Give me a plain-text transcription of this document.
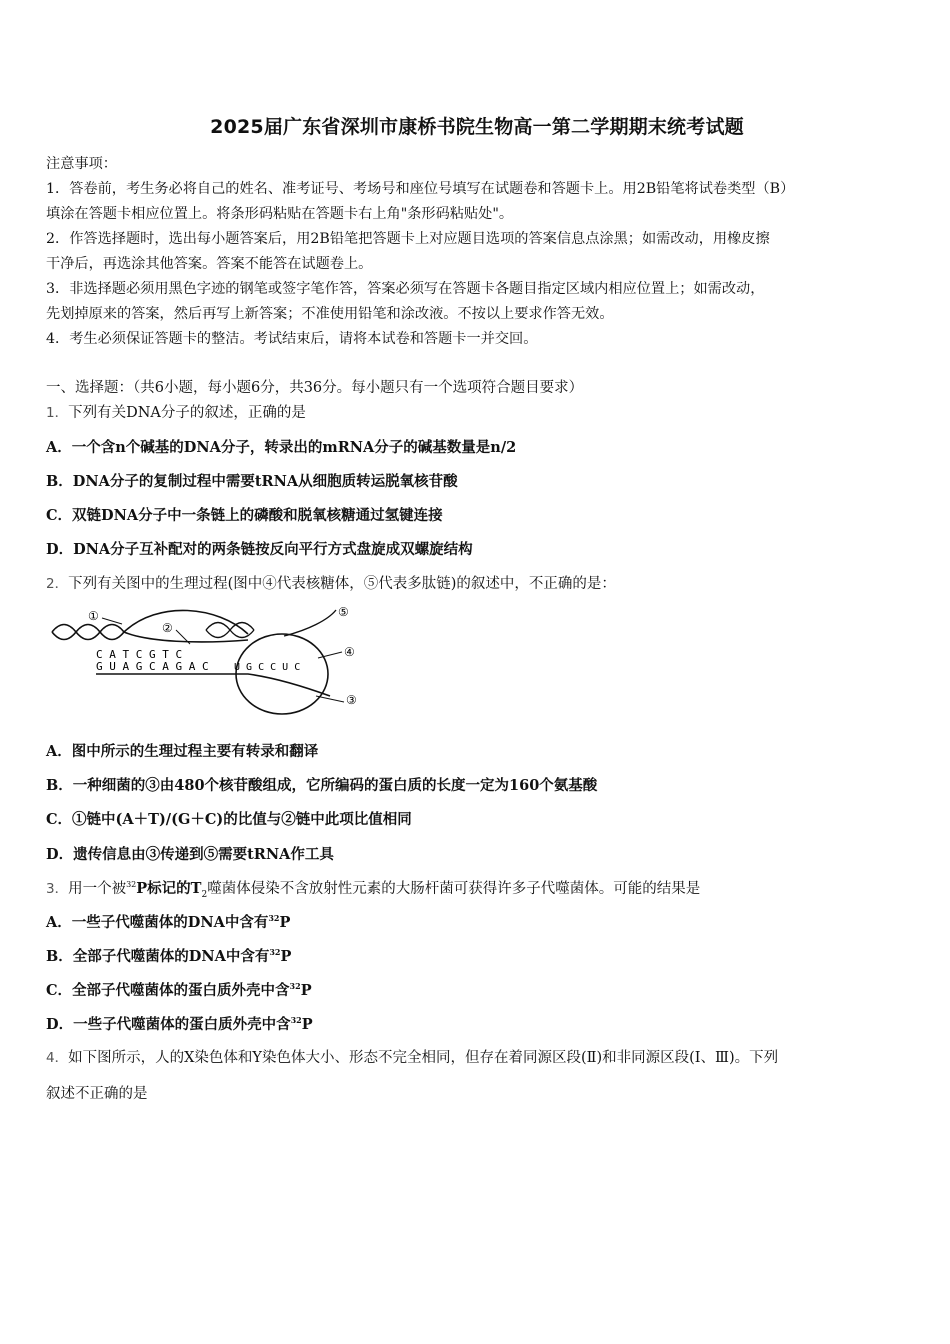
2025届广东省深圳市康桥书院生物高一第二学期期末统考试题

注意事项：

1．答卷前，考生务必将自己的姓名、准考证号、考场号和座位号填写在试题卷和答题卡上。用2B铅笔将试卷类型（B）

填涂在答题卡相应位置上。将条形码粘贴在答题卡右上角"条形码粘贴处"。

2．作答选择题时，选出每小题答案后，用2B铅笔把答题卡上对应题目选项的答案信息点涂黑；如需改动，用橡皮擦

干净后，再选涂其他答案。答案不能答在试题卷上。

3．非选择题必须用黑色字迹的钢笔或签字笔作答，答案必须写在答题卡各题目指定区域内相应位置上；如需改动，

先划掉原来的答案，然后再写上新答案；不准使用铅笔和涂改液。不按以上要求作答无效。

4．考生必须保证答题卡的整洁。考试结束后，请将本试卷和答题卡一并交回。

一、选择题：（共6小题，每小题6分，共36分。每小题只有一个选项符合题目要求）
1．下列有关DNA分子的叙述，正确的是
A．一个含n个碱基的DNA分子，转录出的mRNA分子的碱基数量是n/2
B．DNA分子的复制过程中需要tRNA从细胞质转运脱氧核苷酸
C．双链DNA分子中一条链上的磷酸和脱氧核糖通过氢键连接
D．DNA分子互补配对的两条链按反向平行方式盘旋成双螺旋结构
2．下列有关图中的生理过程(图中④代表核糖体，⑤代表多肽链)的叙述中，不正确的是：
①
②
③
④
⑤
C A T C G T C
G U A G C A G A C	U G C C U C
A．图中所示的生理过程主要有转录和翻译
B．一种细菌的③由480个核苷酸组成，它所编码的蛋白质的长度一定为160个氨基酸
C．①链中(A＋T)/(G＋C)的比值与②链中此项比值相同
D．遗传信息由③传递到⑤需要tRNA作工具
3．用一个被$^{32}$P标记的$T_2$噬菌体侵染不含放射性元素的大肠杆菌可获得许多子代噬菌体。可能的结果是
A．一些子代噬菌体的DNA中含有$^{32}$P
B．全部子代噬菌体的DNA中含有$^{32}$P
C．全部子代噬菌体的蛋白质外壳中含$^{32}$P
D．一些子代噬菌体的蛋白质外壳中含$^{32}$P
4．如下图所示，人的X染色体和Y染色体大小、形态不完全相同，但存在着同源区段(Ⅱ)和非同源区段(Ⅰ、Ⅲ)。下列
叙述不正确的是
